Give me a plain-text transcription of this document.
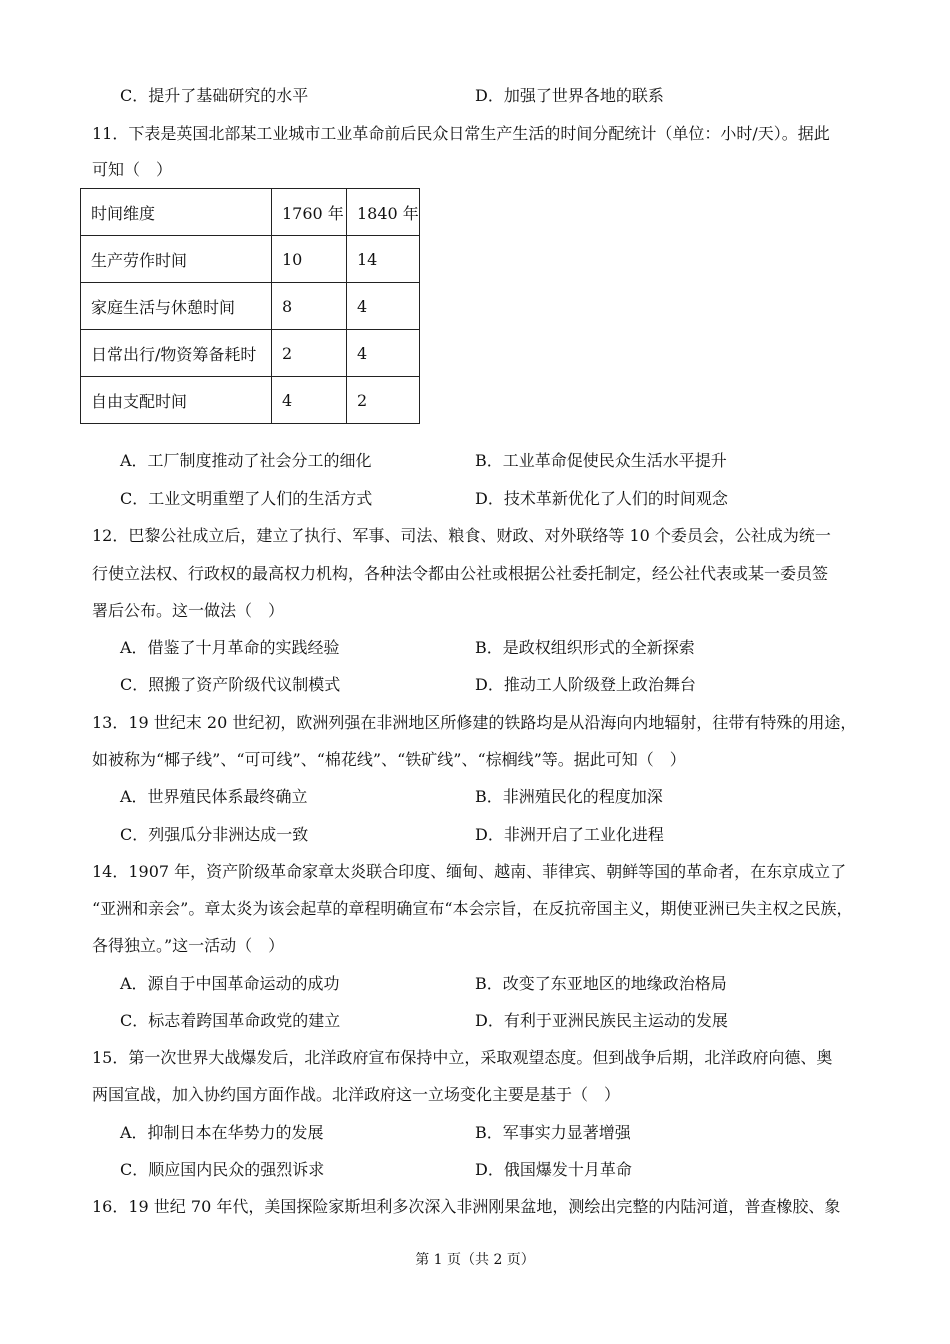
C．提升了基础研究的水平	D．加强了世界各地的联系
11．下表是英国北部某工业城市工业革命前后民众日常生产生活的时间分配统计（单位：小时/天）。据此
可知（　）
时间维度	1760 年	1840 年
生产劳作时间	10	14
家庭生活与休憩时间	8	4
日常出行/物资筹备耗时	2	4
自由支配时间	4	2
A．工厂制度推动了社会分工的细化	B．工业革命促使民众生活水平提升
C．工业文明重塑了人们的生活方式	D．技术革新优化了人们的时间观念
12．巴黎公社成立后，建立了执行、军事、司法、粮食、财政、对外联络等 10 个委员会，公社成为统一
行使立法权、行政权的最高权力机构，各种法令都由公社或根据公社委托制定，经公社代表或某一委员签
署后公布。这一做法（　）
A．借鉴了十月革命的实践经验	B．是政权组织形式的全新探索
C．照搬了资产阶级代议制模式	D．推动工人阶级登上政治舞台
13．19 世纪末 20 世纪初，欧洲列强在非洲地区所修建的铁路均是从沿海向内地辐射，往带有特殊的用途，
如被称为“椰子线”、“可可线”、“棉花线”、“铁矿线”、“棕榈线”等。据此可知（　）
A．世界殖民体系最终确立	B．非洲殖民化的程度加深
C．列强瓜分非洲达成一致	D．非洲开启了工业化进程
14．1907 年，资产阶级革命家章太炎联合印度、缅甸、越南、菲律宾、朝鲜等国的革命者，在东京成立了
“亚洲和亲会”。章太炎为该会起草的章程明确宣布“本会宗旨，在反抗帝国主义，期使亚洲已失主权之民族，
各得独立。”这一活动（　）
A．源自于中国革命运动的成功	B．改变了东亚地区的地缘政治格局
C．标志着跨国革命政党的建立	D．有利于亚洲民族民主运动的发展
15．第一次世界大战爆发后，北洋政府宣布保持中立，采取观望态度。但到战争后期，北洋政府向德、奥
两国宣战，加入协约国方面作战。北洋政府这一立场变化主要是基于（　）
A．抑制日本在华势力的发展	B．军事实力显著增强
C．顺应国内民众的强烈诉求	D．俄国爆发十月革命
16．19 世纪 70 年代，美国探险家斯坦利多次深入非洲刚果盆地，测绘出完整的内陆河道，普查橡胶、象
第 1 页（共 2 页）
